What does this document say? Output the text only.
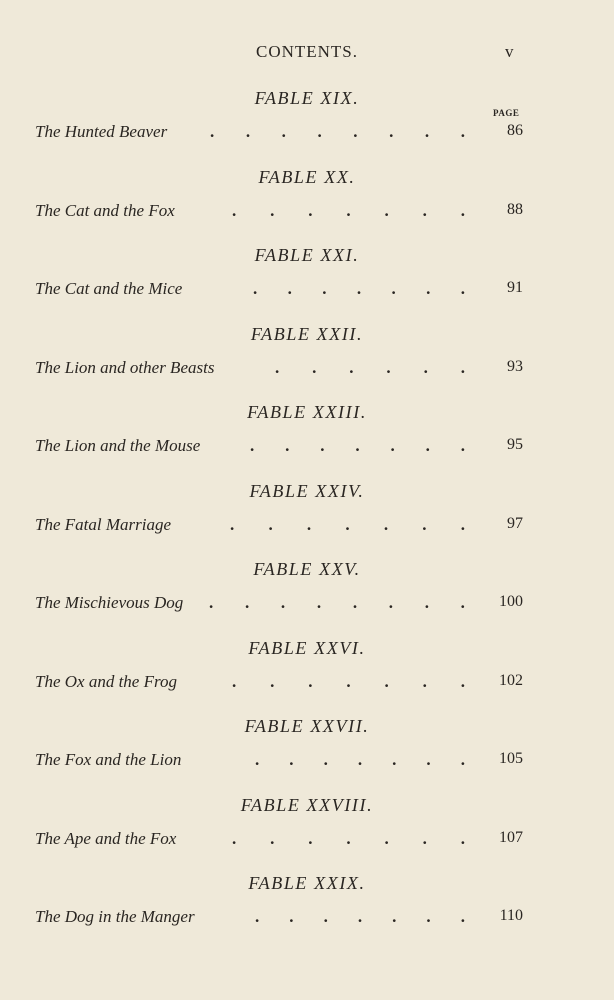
CONTENTS.	v
PAGE
FABLE XIX.
The Hunted Beaver	. . . . . . . .	86
FABLE XX.
The Cat and the Fox	. . . . . . .	88
FABLE XXI.
The Cat and the Mice	. . . . . . .	91
FABLE XXII.
The Lion and other Beasts	. . . . . .	93
FABLE XXIII.
The Lion and the Mouse	. . . . . . .	95
FABLE XXIV.
The Fatal Marriage	. . . . . . .	97
FABLE XXV.
The Mischievous Dog . . . . . . . . 100
FABLE XXVI.
The Ox and the Frog	. . . . . . . 102
FABLE XXVII.
The Fox and the Lion	. . . . . . . 105
FABLE XXVIII.
The Ape and the Fox	. . . . . . . 107
FABLE XXIX.
The Dog in the Manger	. . . . . . . 110
